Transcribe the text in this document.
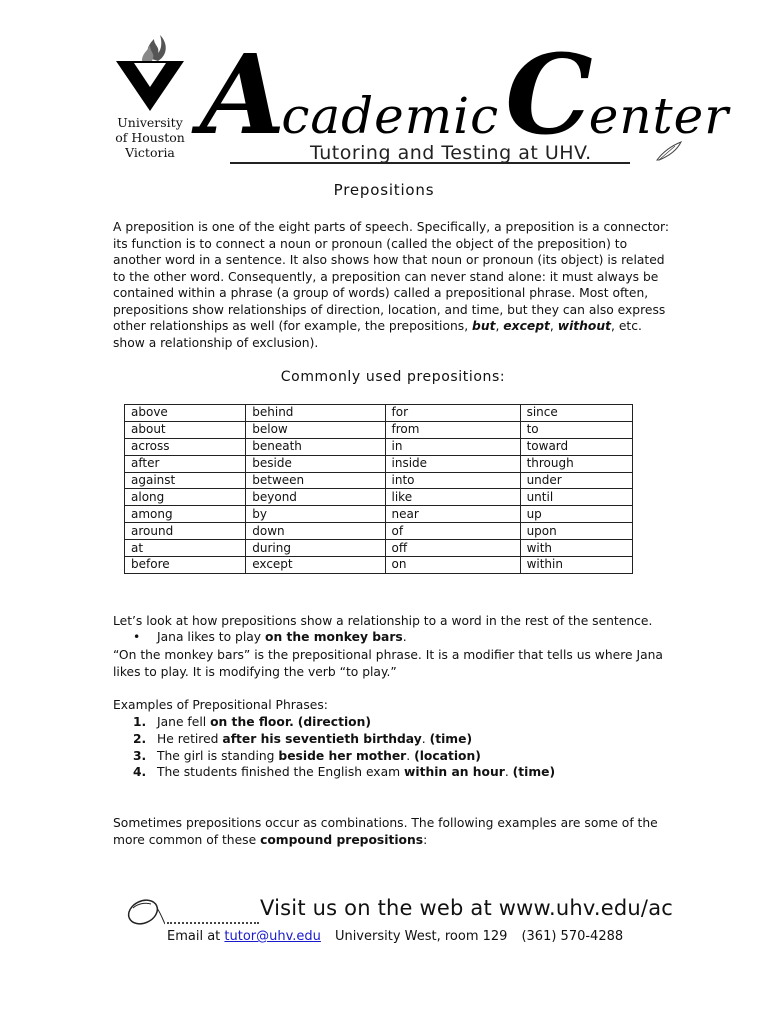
University
of Houston
Victoria AcademicCenter
Tutoring and Testing at UHV.
Prepositions

A preposition is one of the eight parts of speech. Specifically, a preposition is a connector: its function is to connect a noun or pronoun (called the object of the preposition) to another word in a sentence. It also shows how that noun or pronoun (its object) is related to the other word. Consequently, a preposition can never stand alone: it must always be contained within a phrase (a group of words) called a prepositional phrase. Most often, prepositions show relationships of direction, location, and time, but they can also express other relationships as well (for example, the prepositions, but, except, without, etc. show a relationship of exclusion).

Commonly used prepositions:
above	behind	for	since
about	below	from	to
across	beneath	in	toward
after	beside	inside	through
against	between	into	under
along	beyond	like	until
among	by	near	up
around	down	of	upon
at	during	off	with
before	except	on	within

Let’s look at how prepositions show a relationship to a word in the rest of the sentence.

• Jana likes to play on the monkey bars.

“On the monkey bars” is the prepositional phrase. It is a modifier that tells us where Jana likes to play. It is modifying the verb “to play.”

Examples of Prepositional Phrases:

1. Jane fell on the floor. (direction)
2. He retired after his seventieth birthday. (time)
3. The girl is standing beside her mother. (location)
4. The students finished the English exam within an hour. (time)

Sometimes prepositions occur as combinations. The following examples are some of the more common of these compound prepositions:

Visit us on the web at www.uhv.edu/ac
Email at tutor@uhv.edu University West, room 129 (361) 570-4288
